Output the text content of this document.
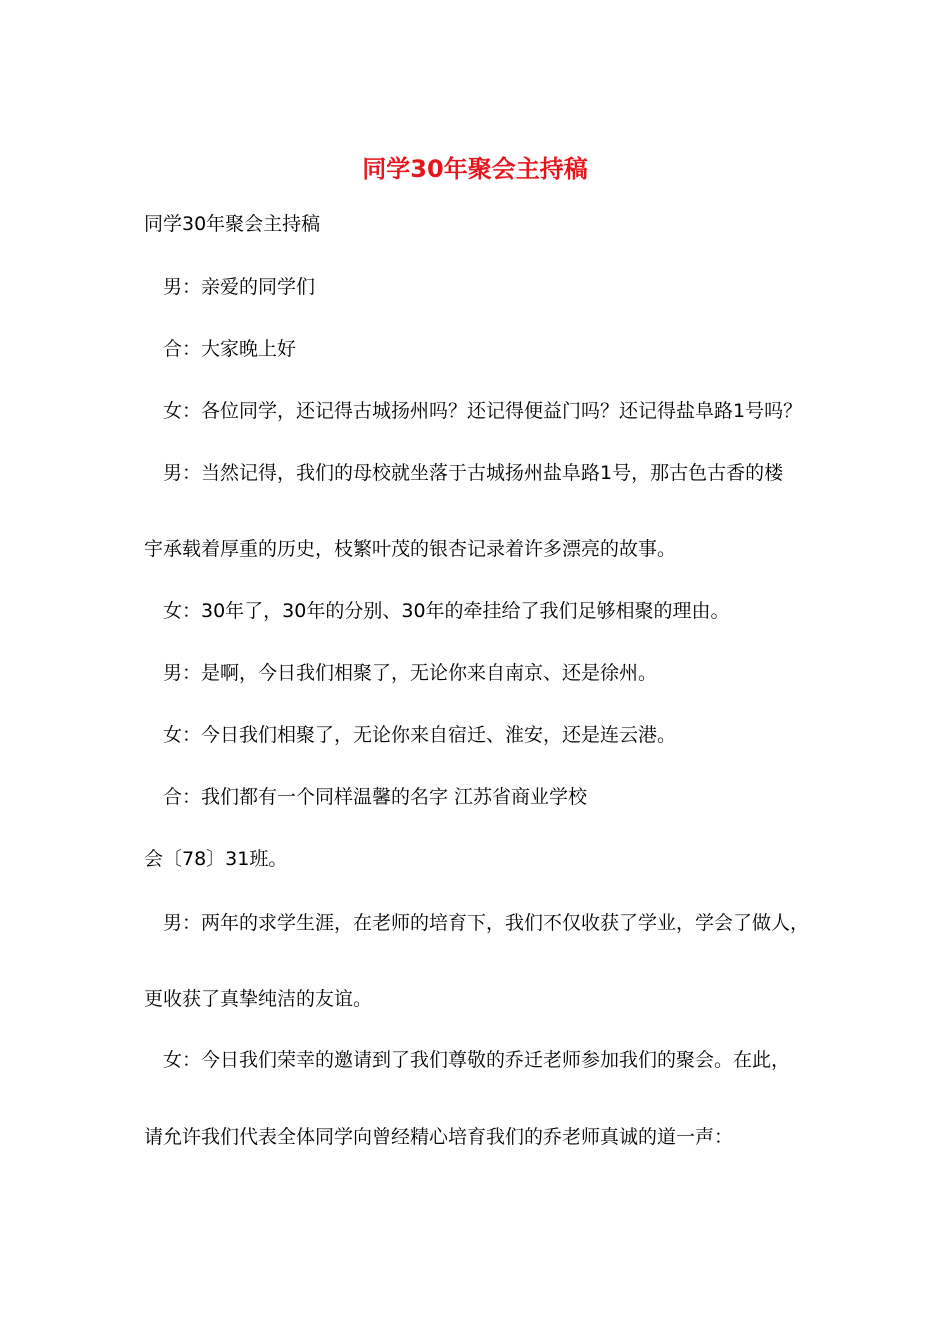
同学30年聚会主持稿
同学30年聚会主持稿
男：亲爱的同学们
合：大家晚上好
女：各位同学，还记得古城扬州吗？还记得便益门吗？还记得盐阜路1号吗？
男：当然记得，我们的母校就坐落于古城扬州盐阜路1号，那古色古香的楼
宇承载着厚重的历史，枝繁叶茂的银杏记录着许多漂亮的故事。
女：30年了，30年的分别、30年的牵挂给了我们足够相聚的理由。
男：是啊，今日我们相聚了，无论你来自南京、还是徐州。
女：今日我们相聚了，无论你来自宿迁、淮安，还是连云港。
合：我们都有一个同样温馨的名字 江苏省商业学校
会〔78〕31班。
男：两年的求学生涯，在老师的培育下，我们不仅收获了学业，学会了做人，
更收获了真挚纯洁的友谊。
女：今日我们荣幸的邀请到了我们尊敬的乔迁老师参加我们的聚会。在此，
请允许我们代表全体同学向曾经精心培育我们的乔老师真诚的道一声：
